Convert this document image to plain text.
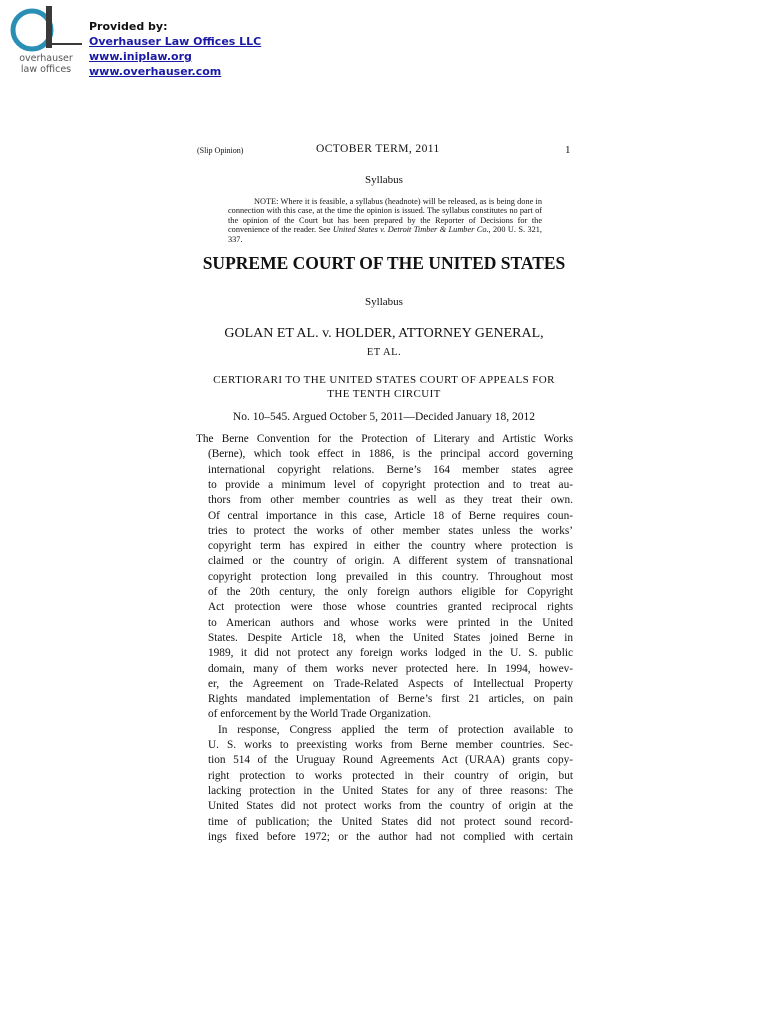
overhauser
law offices
Provided by:
Overhauser Law Offices LLC
www.iniplaw.org
www.overhauser.com
(Slip Opinion)	OCTOBER TERM, 2011	1
Syllabus
NOTE: Where it is feasible, a syllabus (headnote) will be released, as is being done in connection with this case, at the time the opinion is issued. The syllabus constitutes no part of the opinion of the Court but has been prepared by the Reporter of Decisions for the convenience of the reader. See United States v. Detroit Timber & Lumber Co., 200 U. S. 321, 337.
SUPREME COURT OF THE UNITED STATES
Syllabus
GOLAN ET AL. v. HOLDER, ATTORNEY GENERAL,
ET AL.
CERTIORARI TO THE UNITED STATES COURT OF APPEALS FOR
THE TENTH CIRCUIT
No. 10–545. Argued October 5, 2011—Decided January 18, 2012
The Berne Convention for the Protection of Literary and Artistic Works
(Berne), which took effect in 1886, is the principal accord governing
international copyright relations. Berne’s 164 member states agree
to provide a minimum level of copyright protection and to treat au-
thors from other member countries as well as they treat their own.
Of central importance in this case, Article 18 of Berne requires coun-
tries to protect the works of other member states unless the works’
copyright term has expired in either the country where protection is
claimed or the country of origin. A different system of transnational
copyright protection long prevailed in this country. Throughout most
of the 20th century, the only foreign authors eligible for Copyright
Act protection were those whose countries granted reciprocal rights
to American authors and whose works were printed in the United
States. Despite Article 18, when the United States joined Berne in
1989, it did not protect any foreign works lodged in the U. S. public
domain, many of them works never protected here. In 1994, howev-
er, the Agreement on Trade-Related Aspects of Intellectual Property
Rights mandated implementation of Berne’s first 21 articles, on pain
of enforcement by the World Trade Organization.
In response, Congress applied the term of protection available to
U. S. works to preexisting works from Berne member countries. Sec-
tion 514 of the Uruguay Round Agreements Act (URAA) grants copy-
right protection to works protected in their country of origin, but
lacking protection in the United States for any of three reasons: The
United States did not protect works from the country of origin at the
time of publication; the United States did not protect sound record-
ings fixed before 1972; or the author had not complied with certain
